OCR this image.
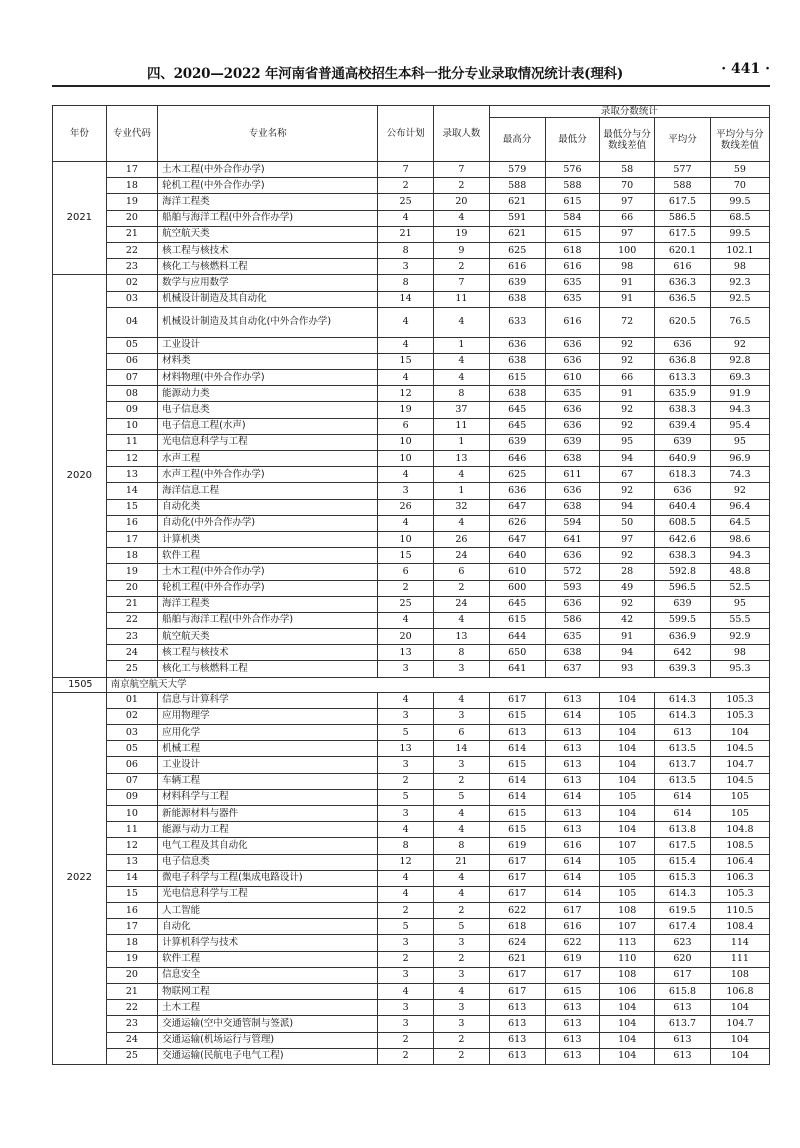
四、2020—2022 年河南省普通高校招生本科一批分专业录取情况统计表(理科)	· 441 ·
年份	专业代码	专业名称	公布计划	录取人数	录取分数统计				
					最高分	最低分	最低分与分数线差值	平均分	平均分与分数线差值
2021	17	土木工程(中外合作办学)	7	7	579	576	58	577	59
	18	轮机工程(中外合作办学)	2	2	588	588	70	588	70
	19	海洋工程类	25	20	621	615	97	617.5	99.5
	20	船舶与海洋工程(中外合作办学)	4	4	591	584	66	586.5	68.5
	21	航空航天类	21	19	621	615	97	617.5	99.5
	22	核工程与核技术	8	9	625	618	100	620.1	102.1
	23	核化工与核燃料工程	3	2	616	616	98	616	98
2020	02	数学与应用数学	8	7	639	635	91	636.3	92.3
	03	机械设计制造及其自动化	14	11	638	635	91	636.5	92.5
	04	机械设计制造及其自动化(中外合作办学)	4	4	633	616	72	620.5	76.5
	05	工业设计	4	1	636	636	92	636	92
	06	材料类	15	4	638	636	92	636.8	92.8
	07	材料物理(中外合作办学)	4	4	615	610	66	613.3	69.3
	08	能源动力类	12	8	638	635	91	635.9	91.9
	09	电子信息类	19	37	645	636	92	638.3	94.3
	10	电子信息工程(水声)	6	11	645	636	92	639.4	95.4
	11	光电信息科学与工程	10	1	639	639	95	639	95
	12	水声工程	10	13	646	638	94	640.9	96.9
	13	水声工程(中外合作办学)	4	4	625	611	67	618.3	74.3
	14	海洋信息工程	3	1	636	636	92	636	92
	15	自动化类	26	32	647	638	94	640.4	96.4
	16	自动化(中外合作办学)	4	4	626	594	50	608.5	64.5
	17	计算机类	10	26	647	641	97	642.6	98.6
	18	软件工程	15	24	640	636	92	638.3	94.3
	19	土木工程(中外合作办学)	6	6	610	572	28	592.8	48.8
	20	轮机工程(中外合作办学)	2	2	600	593	49	596.5	52.5
	21	海洋工程类	25	24	645	636	92	639	95
	22	船舶与海洋工程(中外合作办学)	4	4	615	586	42	599.5	55.5
	23	航空航天类	20	13	644	635	91	636.9	92.9
	24	核工程与核技术	13	8	650	638	94	642	98
	25	核化工与核燃料工程	3	3	641	637	93	639.3	95.3
1505	南京航空航天大学								
2022	01	信息与计算科学	4	4	617	613	104	614.3	105.3
	02	应用物理学	3	3	615	614	105	614.3	105.3
	03	应用化学	5	6	613	613	104	613	104
	05	机械工程	13	14	614	613	104	613.5	104.5
	06	工业设计	3	3	615	613	104	613.7	104.7
	07	车辆工程	2	2	614	613	104	613.5	104.5
	09	材料科学与工程	5	5	614	614	105	614	105
	10	新能源材料与器件	3	4	615	613	104	614	105
	11	能源与动力工程	4	4	615	613	104	613.8	104.8
	12	电气工程及其自动化	8	8	619	616	107	617.5	108.5
	13	电子信息类	12	21	617	614	105	615.4	106.4
	14	微电子科学与工程(集成电路设计)	4	4	617	614	105	615.3	106.3
	15	光电信息科学与工程	4	4	617	614	105	614.3	105.3
	16	人工智能	2	2	622	617	108	619.5	110.5
	17	自动化	5	5	618	616	107	617.4	108.4
	18	计算机科学与技术	3	3	624	622	113	623	114
	19	软件工程	2	2	621	619	110	620	111
	20	信息安全	3	3	617	617	108	617	108
	21	物联网工程	4	4	617	615	106	615.8	106.8
	22	土木工程	3	3	613	613	104	613	104
	23	交通运输(空中交通管制与签派)	3	3	613	613	104	613.7	104.7
	24	交通运输(机场运行与管理)	2	2	613	613	104	613	104
	25	交通运输(民航电子电气工程)	2	2	613	613	104	613	104
